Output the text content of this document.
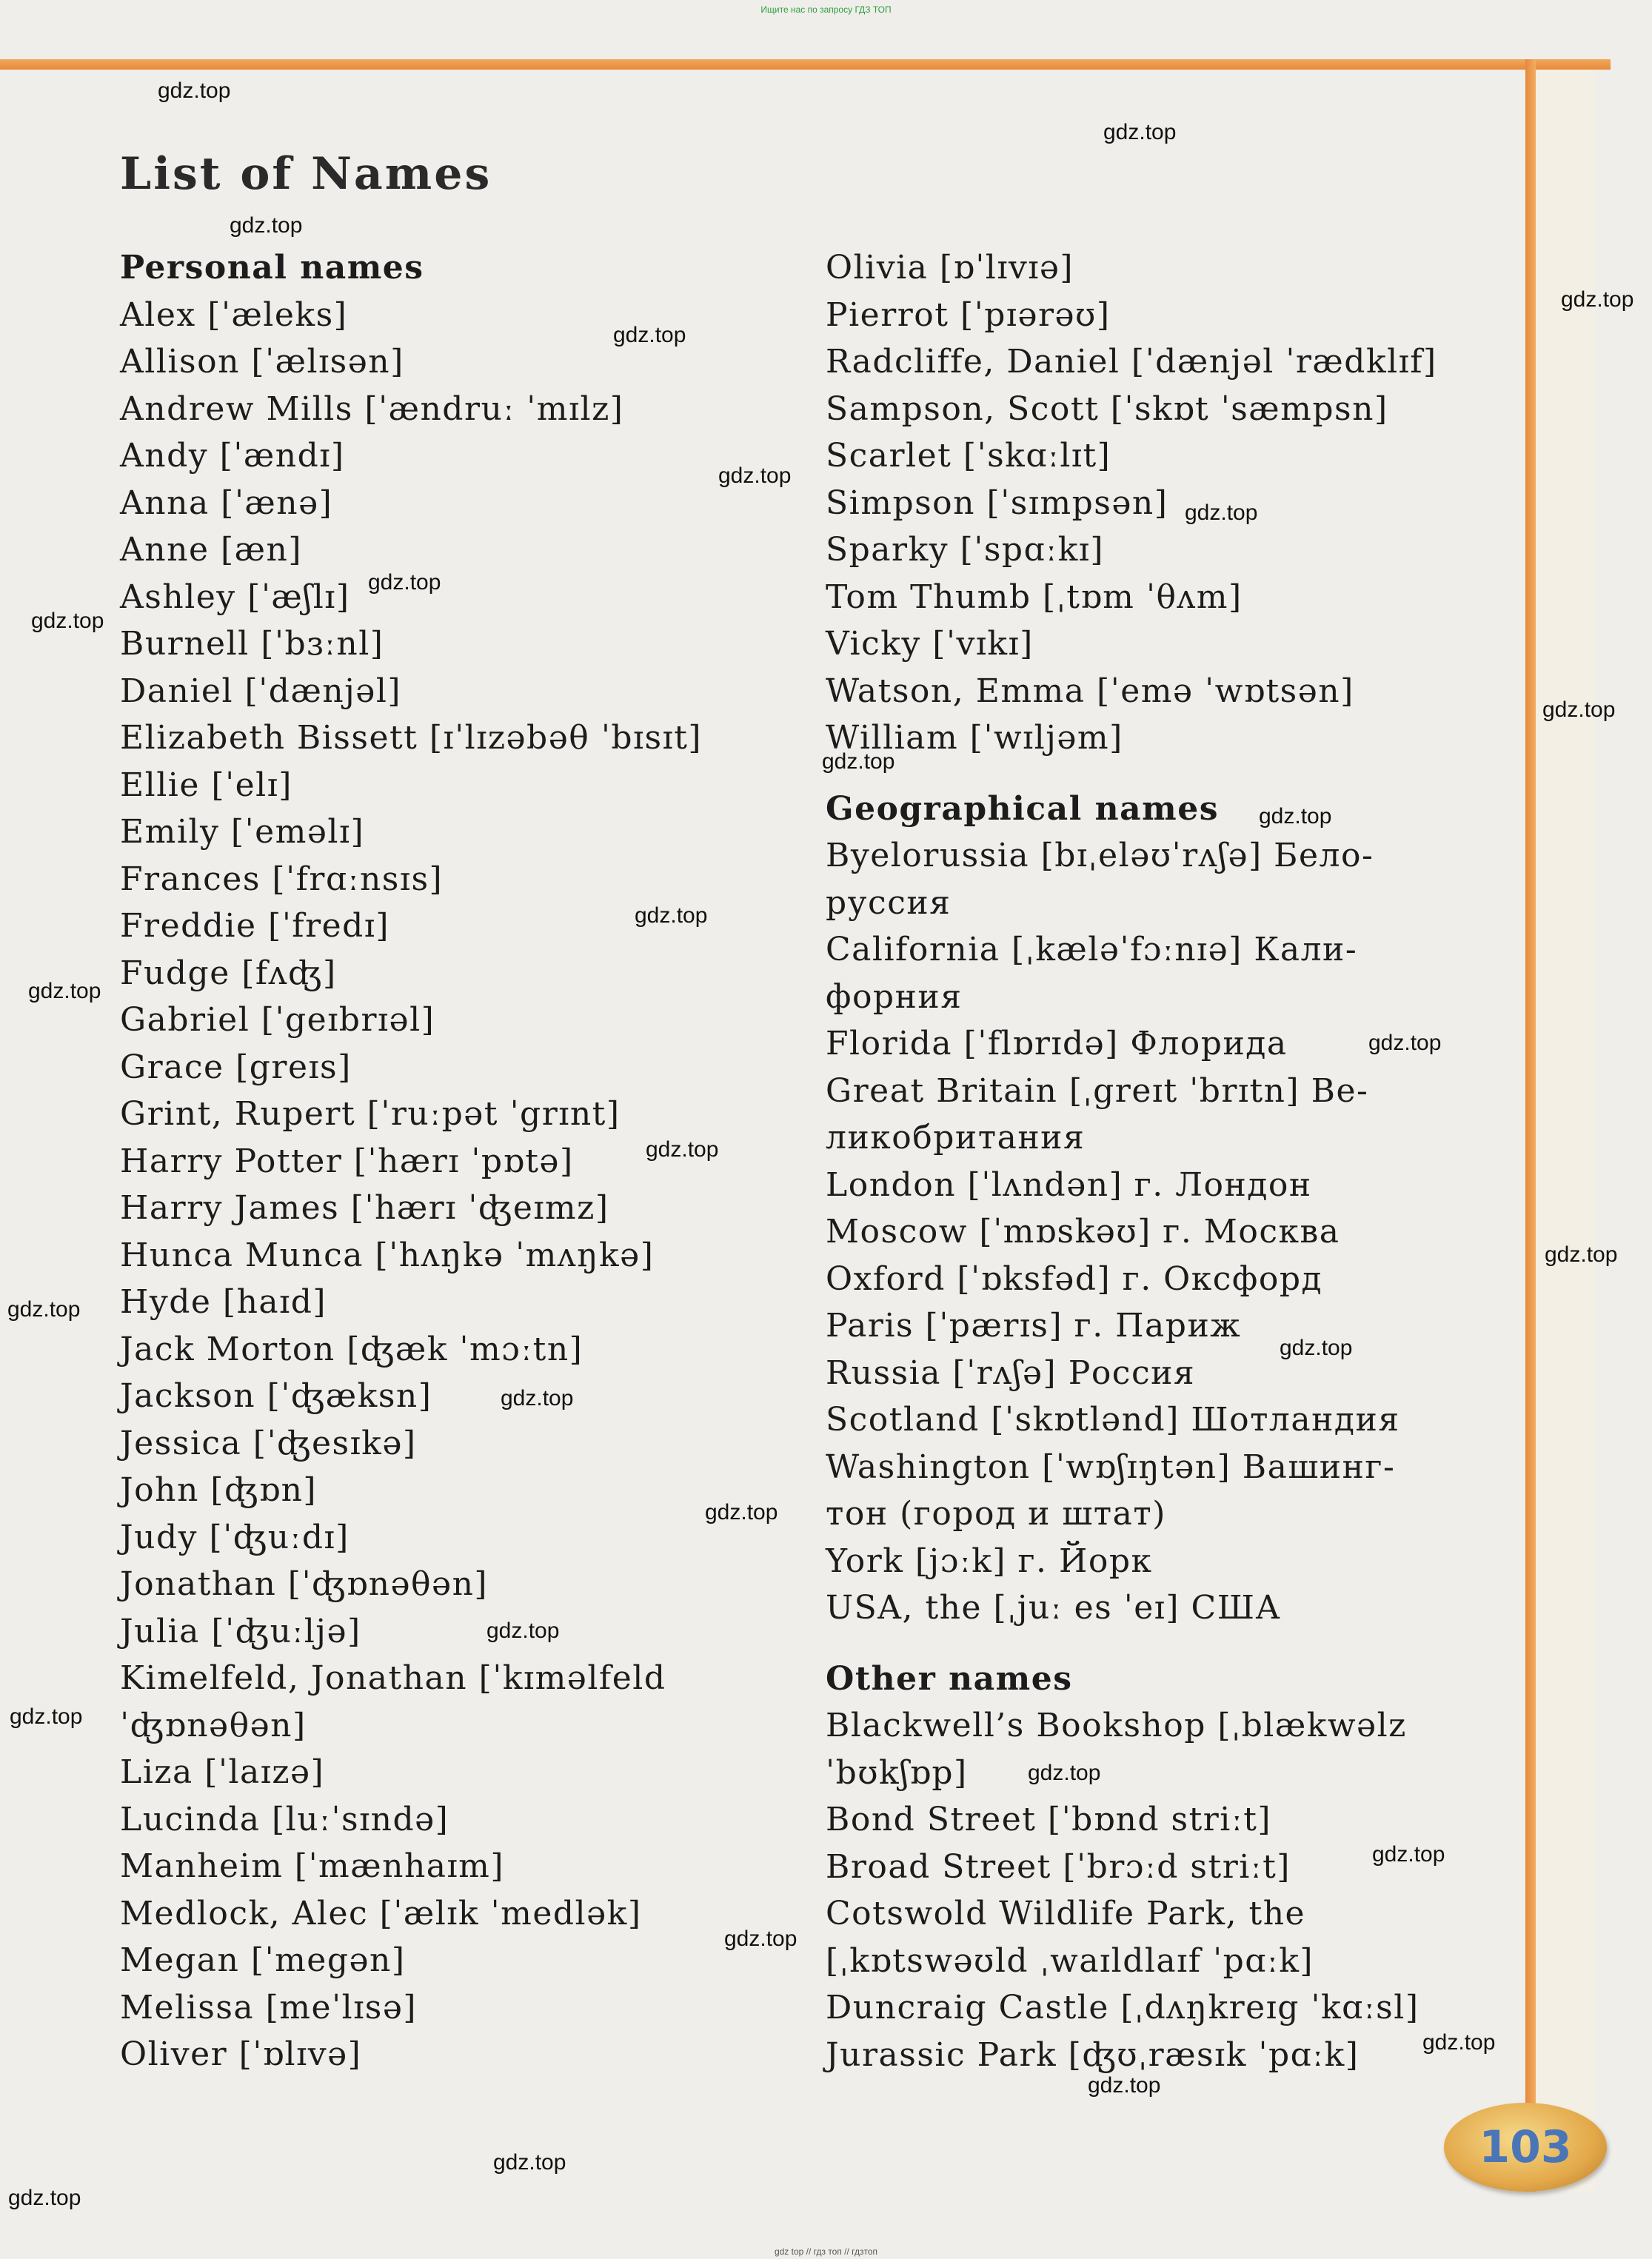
Ищите нас по запросу ГДЗ ТОП
List of Names
Personal names
Alex [ˈæleks]
Allison [ˈælɪsən]
Andrew Mills [ˈændruː ˈmɪlz]
Andy [ˈændɪ]
Anna [ˈænə]
Anne [æn]
Ashley [ˈæʃlɪ]
Burnell [ˈbɜːnl]
Daniel [ˈdænjəl]
Elizabeth Bissett [ɪˈlɪzəbəθ ˈbɪsɪt]
Ellie [ˈelɪ]
Emily [ˈeməlɪ]
Frances [ˈfrɑːnsɪs]
Freddie [ˈfredɪ]
Fudge [fʌʤ]
Gabriel [ˈgeɪbrɪəl]
Grace [greɪs]
Grint, Rupert [ˈruːpət ˈgrɪnt]
Harry Potter [ˈhærɪ ˈpɒtə]
Harry James [ˈhærɪ ˈʤeɪmz]
Hunca Munca [ˈhʌŋkə ˈmʌŋkə]
Hyde [haɪd]
Jack Morton [ʤæk ˈmɔːtn]
Jackson [ˈʤæksn]
Jessica [ˈʤesɪkə]
John [ʤɒn]
Judy [ˈʤuːdɪ]
Jonathan [ˈʤɒnəθən]
Julia [ˈʤuːljə]
Kimelfeld, Jonathan [ˈkɪməlfeld
ˈʤɒnəθən]
Liza [ˈlaɪzə]
Lucinda [luːˈsɪndə]
Manheim [ˈmænhaɪm]
Medlock, Alec [ˈælɪk ˈmedlək]
Megan [ˈmegən]
Melissa [meˈlɪsə]
Oliver [ˈɒlɪvə]
Olivia [ɒˈlɪvɪə]
Pierrot [ˈpɪərəʊ]
Radcliffe, Daniel [ˈdænjəl ˈrædklɪf]
Sampson, Scott [ˈskɒt ˈsæmpsn]
Scarlet [ˈskɑːlɪt]
Simpson [ˈsɪmpsən]
Sparky [ˈspɑːkɪ]
Tom Thumb [ˌtɒm ˈθʌm]
Vicky [ˈvɪkɪ]
Watson, Emma [ˈemə ˈwɒtsən]
William [ˈwɪljəm]
Geographical names
Byelorussia [bɪˌeləʊˈrʌʃə] Бело-
руссия
California [ˌkæləˈfɔːnɪə] Кали-
форния
Florida [ˈflɒrɪdə] Флорида
Great Britain [ˌgreɪt ˈbrɪtn] Ве-
ликобритания
London [ˈlʌndən] г. Лондон
Moscow [ˈmɒskəʊ] г. Москва
Oxford [ˈɒksfəd] г. Оксфорд
Paris [ˈpærɪs] г. Париж
Russia [ˈrʌʃə] Россия
Scotland [ˈskɒtlənd] Шотландия
Washington [ˈwɒʃɪŋtən] Вашинг-
тон (город и штат)
York [jɔːk] г. Йорк
USA, the [ˌjuː es ˈeɪ] США
Other names
Blackwell’s Bookshop [ˌblækwəlz
ˈbʊkʃɒp]
Bond Street [ˈbɒnd striːt]
Broad Street [ˈbrɔːd striːt]
Cotswold Wildlife Park, the
[ˌkɒtswəʊld ˌwaɪldlaɪf ˈpɑːk]
Duncraig Castle [ˌdʌŋkreɪg ˈkɑːsl]
Jurassic Park [ʤʊˌræsɪk ˈpɑːk]
103
gdz.top
gdz.top
gdz.top
gdz.top
gdz.top
gdz.top
gdz.top
gdz.top
gdz.top
gdz.top
gdz.top
gdz.top
gdz.top
gdz.top
gdz.top
gdz.top
gdz.top
gdz.top
gdz.top
gdz.top
gdz.top
gdz.top
gdz.top
gdz.top
gdz.top
gdz.top
gdz.top
gdz.top
gdz.top
gdz.top
gdz top // гдз топ // гдзтоп
